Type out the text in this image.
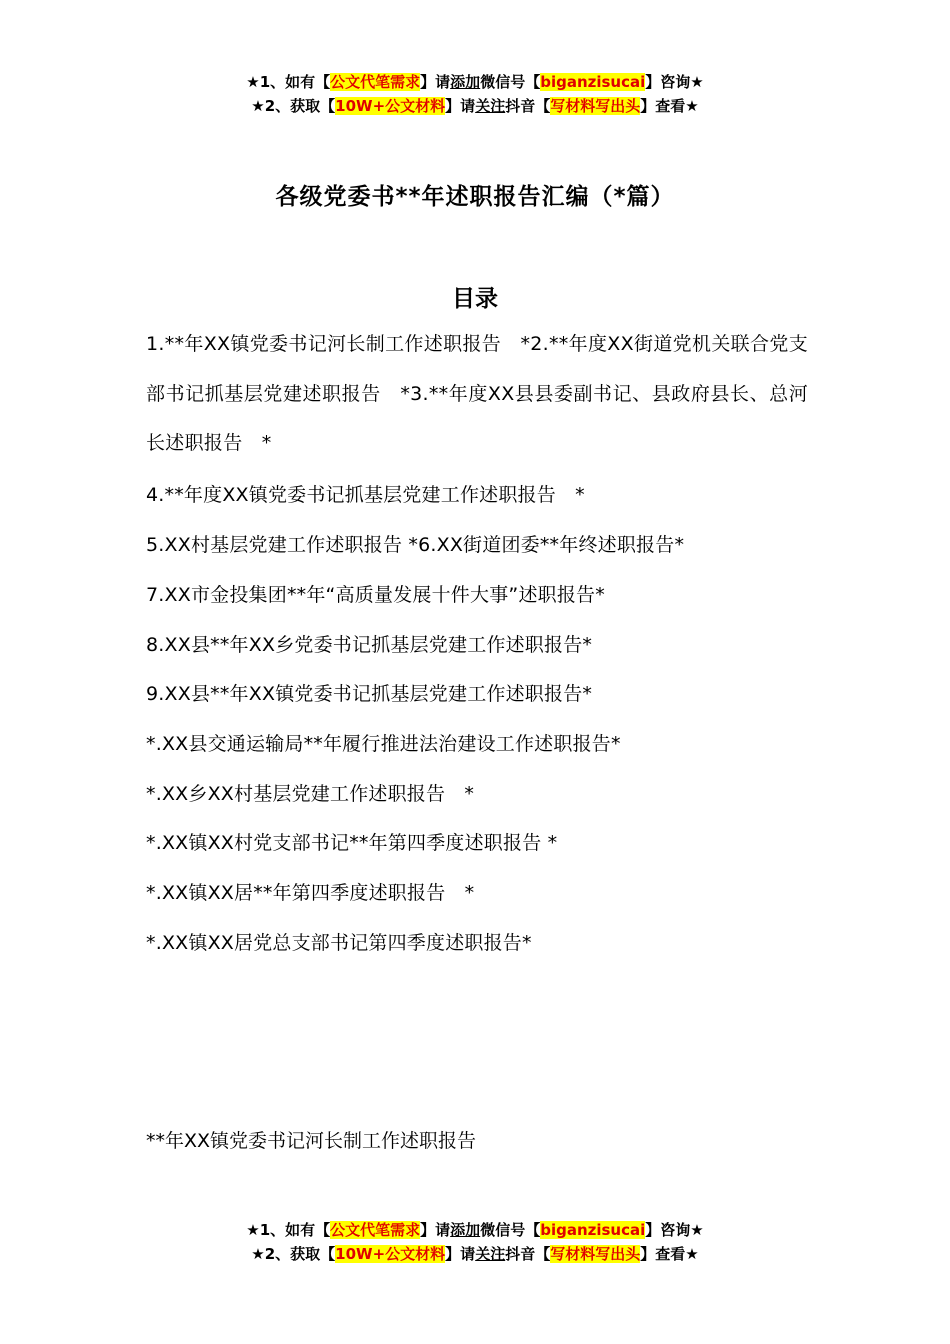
★1、如有【公文代笔需求】请添加微信号【biganzisucai】咨询★
★2、获取【10W+公文材料】请关注抖音【写材料写出头】查看★
各级党委书**年述职报告汇编（*篇）
目录
1.**年XX镇党委书记河长制工作述职报告　*2.**年度XX街道党机关联合党支部书记抓基层党建述职报告　*3.**年度XX县县委副书记、县政府县长、总河长述职报告　*
4.**年度XX镇党委书记抓基层党建工作述职报告　*
5.XX村基层党建工作述职报告 *6.XX街道团委**年终述职报告*
7.XX市金投集团**年“高质量发展十件大事”述职报告*
8.XX县**年XX乡党委书记抓基层党建工作述职报告*
9.XX县**年XX镇党委书记抓基层党建工作述职报告*
*.XX县交通运输局**年履行推进法治建设工作述职报告*
*.XX乡XX村基层党建工作述职报告　*
*.XX镇XX村党支部书记**年第四季度述职报告 *
*.XX镇XX居**年第四季度述职报告　*
*.XX镇XX居党总支部书记第四季度述职报告*
**年XX镇党委书记河长制工作述职报告
★1、如有【公文代笔需求】请添加微信号【biganzisucai】咨询★
★2、获取【10W+公文材料】请关注抖音【写材料写出头】查看★
